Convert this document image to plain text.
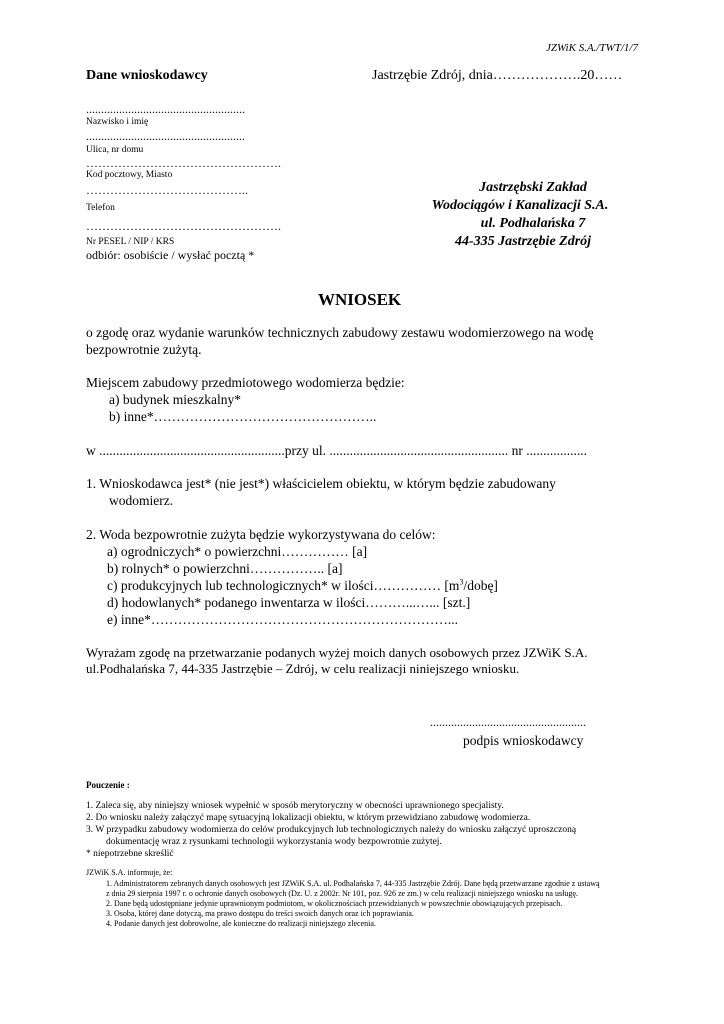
JZWiK S.A./TWT/1/7
Dane wnioskodawcy	Jastrzębie Zdrój, dnia……………….20……
.....................................................
Nazwisko i imię
.....................................................
Ulica, nr domu
………………………………………….
Kod pocztowy, Miasto
…………………………………..
Telefon
………………………………………….
Nr PESEL / NIP / KRS
odbiór: osobiście / wysłać pocztą *
Jastrzębski Zakład
Wodociągów i Kanalizacji S.A.
ul. Podhalańska 7
44-335 Jastrzębie Zdrój
WNIOSEK
o zgodę oraz wydanie warunków technicznych zabudowy zestawu wodomierzowego na wodę
bezpowrotnie zużytą.
Miejscem zabudowy przedmiotowego wodomierza będzie:
a) budynek mieszkalny*
b) inne*…………………………………………..
w .......................................................przy ul. ..................................................... nr ..................
1. Wnioskodawca jest* (nie jest*) właścicielem obiektu, w którym będzie zabudowany
wodomierz.
2. Woda bezpowrotnie zużyta będzie wykorzystywana do celów:
a) ogrodniczych* o powierzchni…………… [a]
b) rolnych* o powierzchni…………….. [a]
c) produkcyjnych lub technologicznych* w ilości…………… $[m^3/dobę]$
d) hodowlanych* podanego inwentarza w ilości………...…... [szt.]
e) inne*…………………………………………………………...
Wyrażam zgodę na przetwarzanie podanych wyżej moich danych osobowych przez JZWiK S.A.
ul.Podhalańska 7, 44-335 Jastrzębie – Zdrój, w celu realizacji niniejszego wniosku.
....................................................
podpis wnioskodawcy
Pouczenie :
1. Zaleca się, aby niniejszy wniosek wypełnić w sposób merytoryczny w obecności uprawnionego specjalisty.
2. Do wniosku należy załączyć mapę sytuacyjną lokalizacji obiektu, w którym przewidziano zabudowę wodomierza.
3. W przypadku zabudowy wodomierza do celów produkcyjnych lub technologicznych należy do wniosku załączyć uproszczoną
dokumentację wraz z rysunkami technologii wykorzystania wody bezpowrotnie zużytej.
* niepotrzebne skreślić
JZWiK S.A. informuje, że:
1. Administratorem zebranych danych osobowych jest JZWiK S.A. ul. Podhalańska 7, 44-335 Jastrzębie Zdrój. Dane będą przetwarzane zgodnie z ustawą
z dnia 29 sierpnia 1997 r. o ochronie danych osobowych (Dz. U. z 2002r. Nr 101, poz. 926 ze zm.) w celu realizacji niniejszego wniosku na usługę.
2. Dane będą udostępniane jedynie uprawnionym podmiotom, w okolicznościach przewidzianych w powszechnie obowiązujących przepisach.
3. Osoba, której dane dotyczą, ma prawo dostępu do treści swoich danych oraz ich poprawiania.
4. Podanie danych jest dobrowolne, ale konieczne do realizacji niniejszego zlecenia.
